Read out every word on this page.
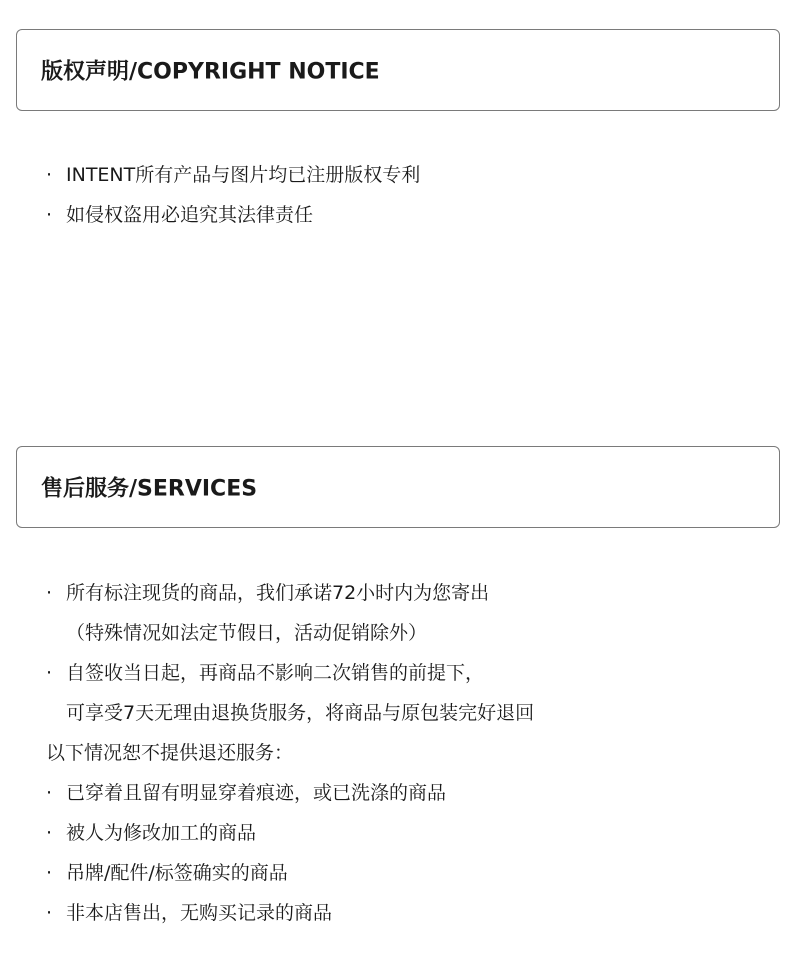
版权声明/COPYRIGHT NOTICE
· INTENT所有产品与图片均已注册版权专利
· 如侵权盗用必追究其法律责任
售后服务/SERVICES
· 所有标注现货的商品，我们承诺72小时内为您寄出
（特殊情况如法定节假日，活动促销除外）
· 自签收当日起，再商品不影响二次销售的前提下，
可享受7天无理由退换货服务，将商品与原包装完好退回
以下情况恕不提供退还服务：
· 已穿着且留有明显穿着痕迹，或已洗涤的商品
· 被人为修改加工的商品
· 吊牌/配件/标签确实的商品
· 非本店售出，无购买记录的商品
